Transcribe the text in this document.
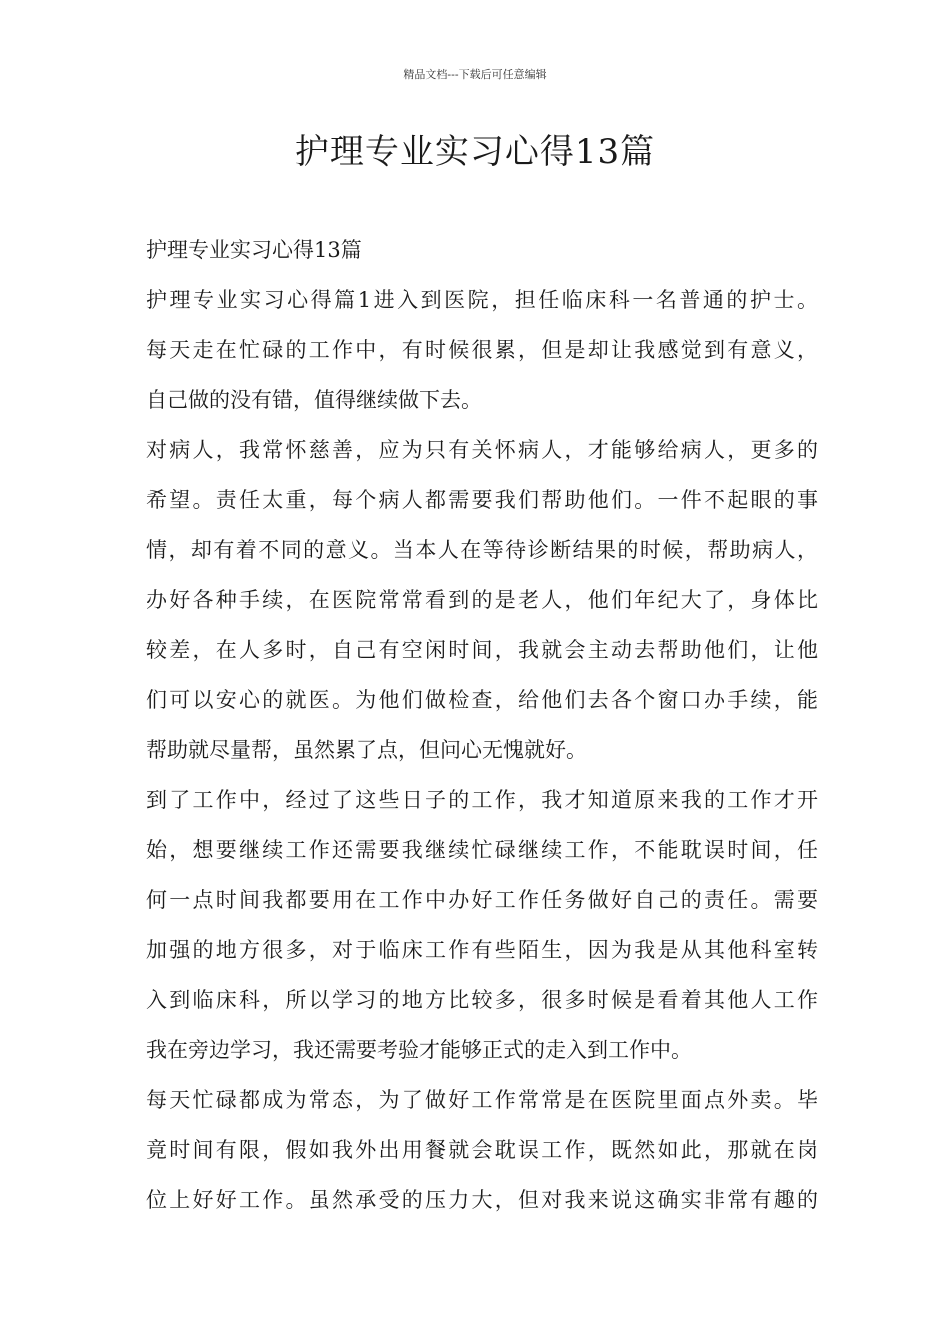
精品文档---下载后可任意编辑
护理专业实习心得13篇
护理专业实习心得13篇
护理专业实习心得篇1进入到医院，担任临床科一名普通的护士。
每天走在忙碌的工作中，有时候很累，但是却让我感觉到有意义，
自己做的没有错，值得继续做下去。
对病人，我常怀慈善，应为只有关怀病人，才能够给病人，更多的
希望。责任太重，每个病人都需要我们帮助他们。一件不起眼的事
情，却有着不同的意义。当本人在等待诊断结果的时候，帮助病人，
办好各种手续，在医院常常看到的是老人，他们年纪大了，身体比
较差，在人多时，自己有空闲时间，我就会主动去帮助他们，让他
们可以安心的就医。为他们做检查，给他们去各个窗口办手续，能
帮助就尽量帮，虽然累了点，但问心无愧就好。
到了工作中，经过了这些日子的工作，我才知道原来我的工作才开
始，想要继续工作还需要我继续忙碌继续工作，不能耽误时间，任
何一点时间我都要用在工作中办好工作任务做好自己的责任。需要
加强的地方很多，对于临床工作有些陌生，因为我是从其他科室转
入到临床科，所以学习的地方比较多，很多时候是看着其他人工作
我在旁边学习，我还需要考验才能够正式的走入到工作中。
每天忙碌都成为常态，为了做好工作常常是在医院里面点外卖。毕
竟时间有限，假如我外出用餐就会耽误工作，既然如此，那就在岗
位上好好工作。虽然承受的压力大，但对我来说这确实非常有趣的
